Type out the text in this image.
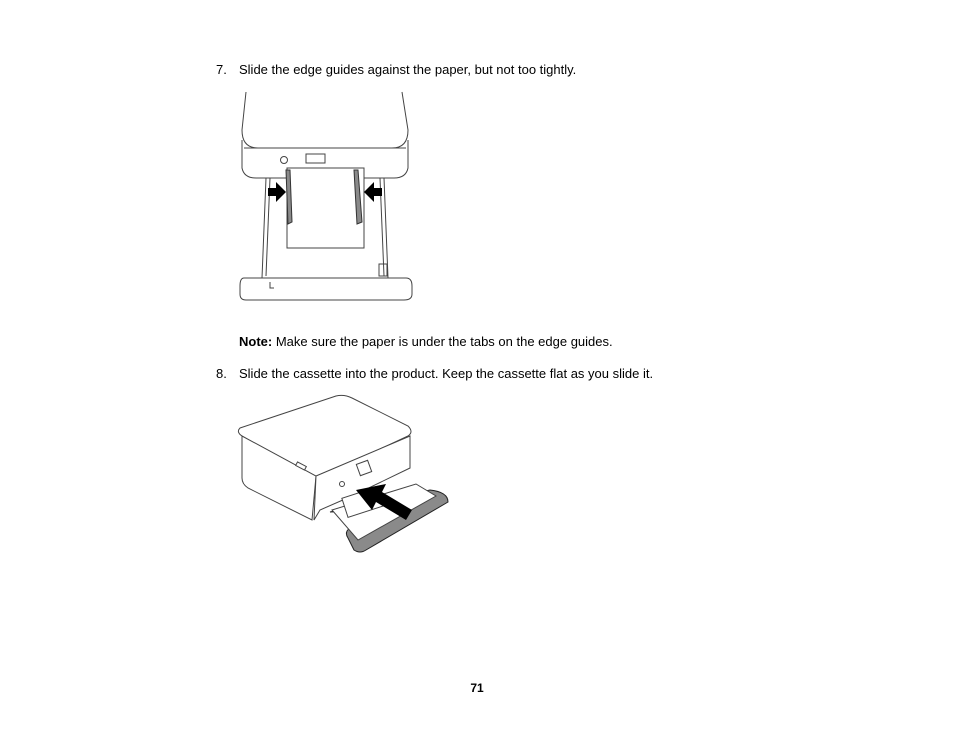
7. Slide the edge guides against the paper, but not too tightly.
Note: Make sure the paper is under the tabs on the edge guides.
8. Slide the cassette into the product. Keep the cassette flat as you slide it.
71
